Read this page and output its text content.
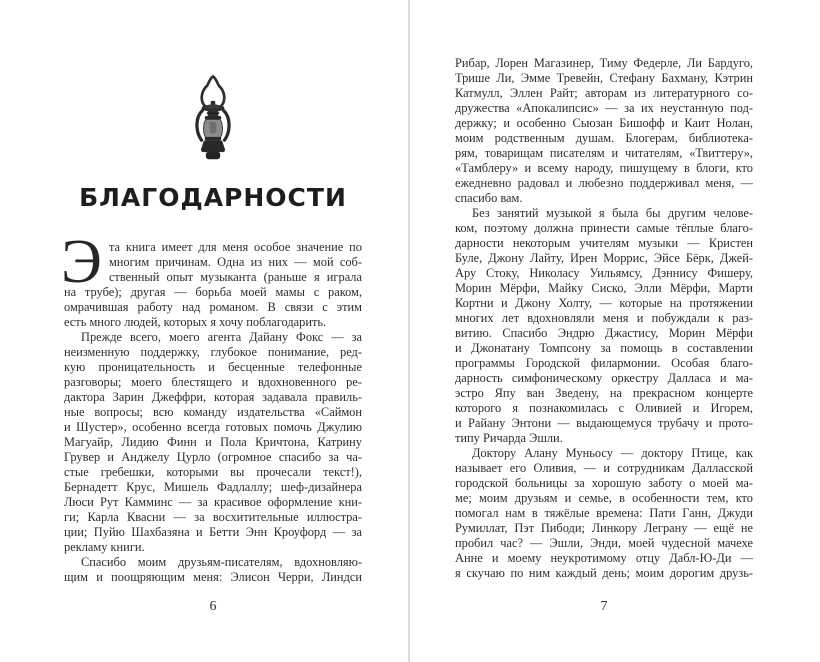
БЛАГОДАРНОСТИ
Э та книга имеет для меня особое значение по
многим причинам. Одна из них — мой соб-
ственный опыт музыканта (раньше я играла
на трубе); другая — борьба моей мамы с раком,
омрачившая работу над романом. В связи с этим
есть много людей, которых я хочу поблагодарить.
Прежде всего, моего агента Дайану Фокс — за
неизменную поддержку, глубокое понимание, ред-
кую проницательность и бесценные телефонные
разговоры; моего блестящего и вдохновенного ре-
дактора Зарин Джеффри, которая задавала правиль-
ные вопросы; всю команду издательства «Саймон
и Шустер», особенно всегда готовых помочь Джулию
Магуайр, Лидию Финн и Пола Кричтона, Катрину
Грувер и Анджелу Цурло (огромное спасибо за ча-
стые гребешки, которыми вы прочесали текст!),
Бернадетт Крус, Мишель Фадлаллу; шеф-дизайнера
Люси Рут Камминс — за красивое оформление кни-
ги; Карла Квасни — за восхитительные иллюстра-
ции; Пуйю Шахбазяна и Бетти Энн Кроуфорд — за
рекламу книги.
Спасибо моим друзьям-писателям, вдохновляю-
щим и поощряющим меня: Элисон Черри, Линдси
6
Рибар, Лорен Магазинер, Тиму Федерле, Ли Бардуго,
Трише Ли, Эмме Тревейн, Стефану Бахману, Кэтрин
Катмулл, Эллен Райт; авторам из литературного со-
дружества «Апокалипсис» — за их неустанную под-
держку; и особенно Сьюзан Бишофф и Каит Нолан,
моим родственным душам. Блогерам, библиотека-
рям, товарищам писателям и читателям, «Твиттеру»,
«Тамблеру» и всему народу, пишущему в блоги, кто
ежедневно радовал и любезно поддерживал меня, —
спасибо вам.
Без занятий музыкой я была бы другим челове-
ком, поэтому должна принести самые тёплые благо-
дарности некоторым учителям музыки — Кристен
Буле, Джону Лайту, Ирен Моррис, Эйсе Бёрк, Джей-
Ару Стоку, Николасу Уильямсу, Дэннису Фишеру,
Морин Мёрфи, Майку Сиско, Элли Мёрфи, Марти
Кортни и Джону Холту, — которые на протяжении
многих лет вдохновляли меня и побуждали к раз-
витию. Спасибо Эндрю Джастису, Морин Мёрфи
и Джонатану Томпсону за помощь в составлении
программы Городской филармонии. Особая благо-
дарность симфоническому оркестру Далласа и ма-
эстро Япу ван Зведену, на прекрасном концерте
которого я познакомилась с Оливией и Игорем,
и Райану Энтони — выдающемуся трубачу и прото-
типу Ричарда Эшли.
Доктору Алану Муньосу — доктору Птице, как
называет его Оливия, — и сотрудникам Далласской
городской больницы за хорошую заботу о моей ма-
ме; моим друзьям и семье, в особенности тем, кто
помогал нам в тяжёлые времена: Пати Ганн, Джуди
Румиллат, Пэт Пибоди; Линкору Леграну — ещё не
пробил час? — Эшли, Энди, моей чудесной мачехе
Анне и моему неукротимому отцу Дабл-Ю-Ди —
я скучаю по ним каждый день; моим дорогим друзь-
7
